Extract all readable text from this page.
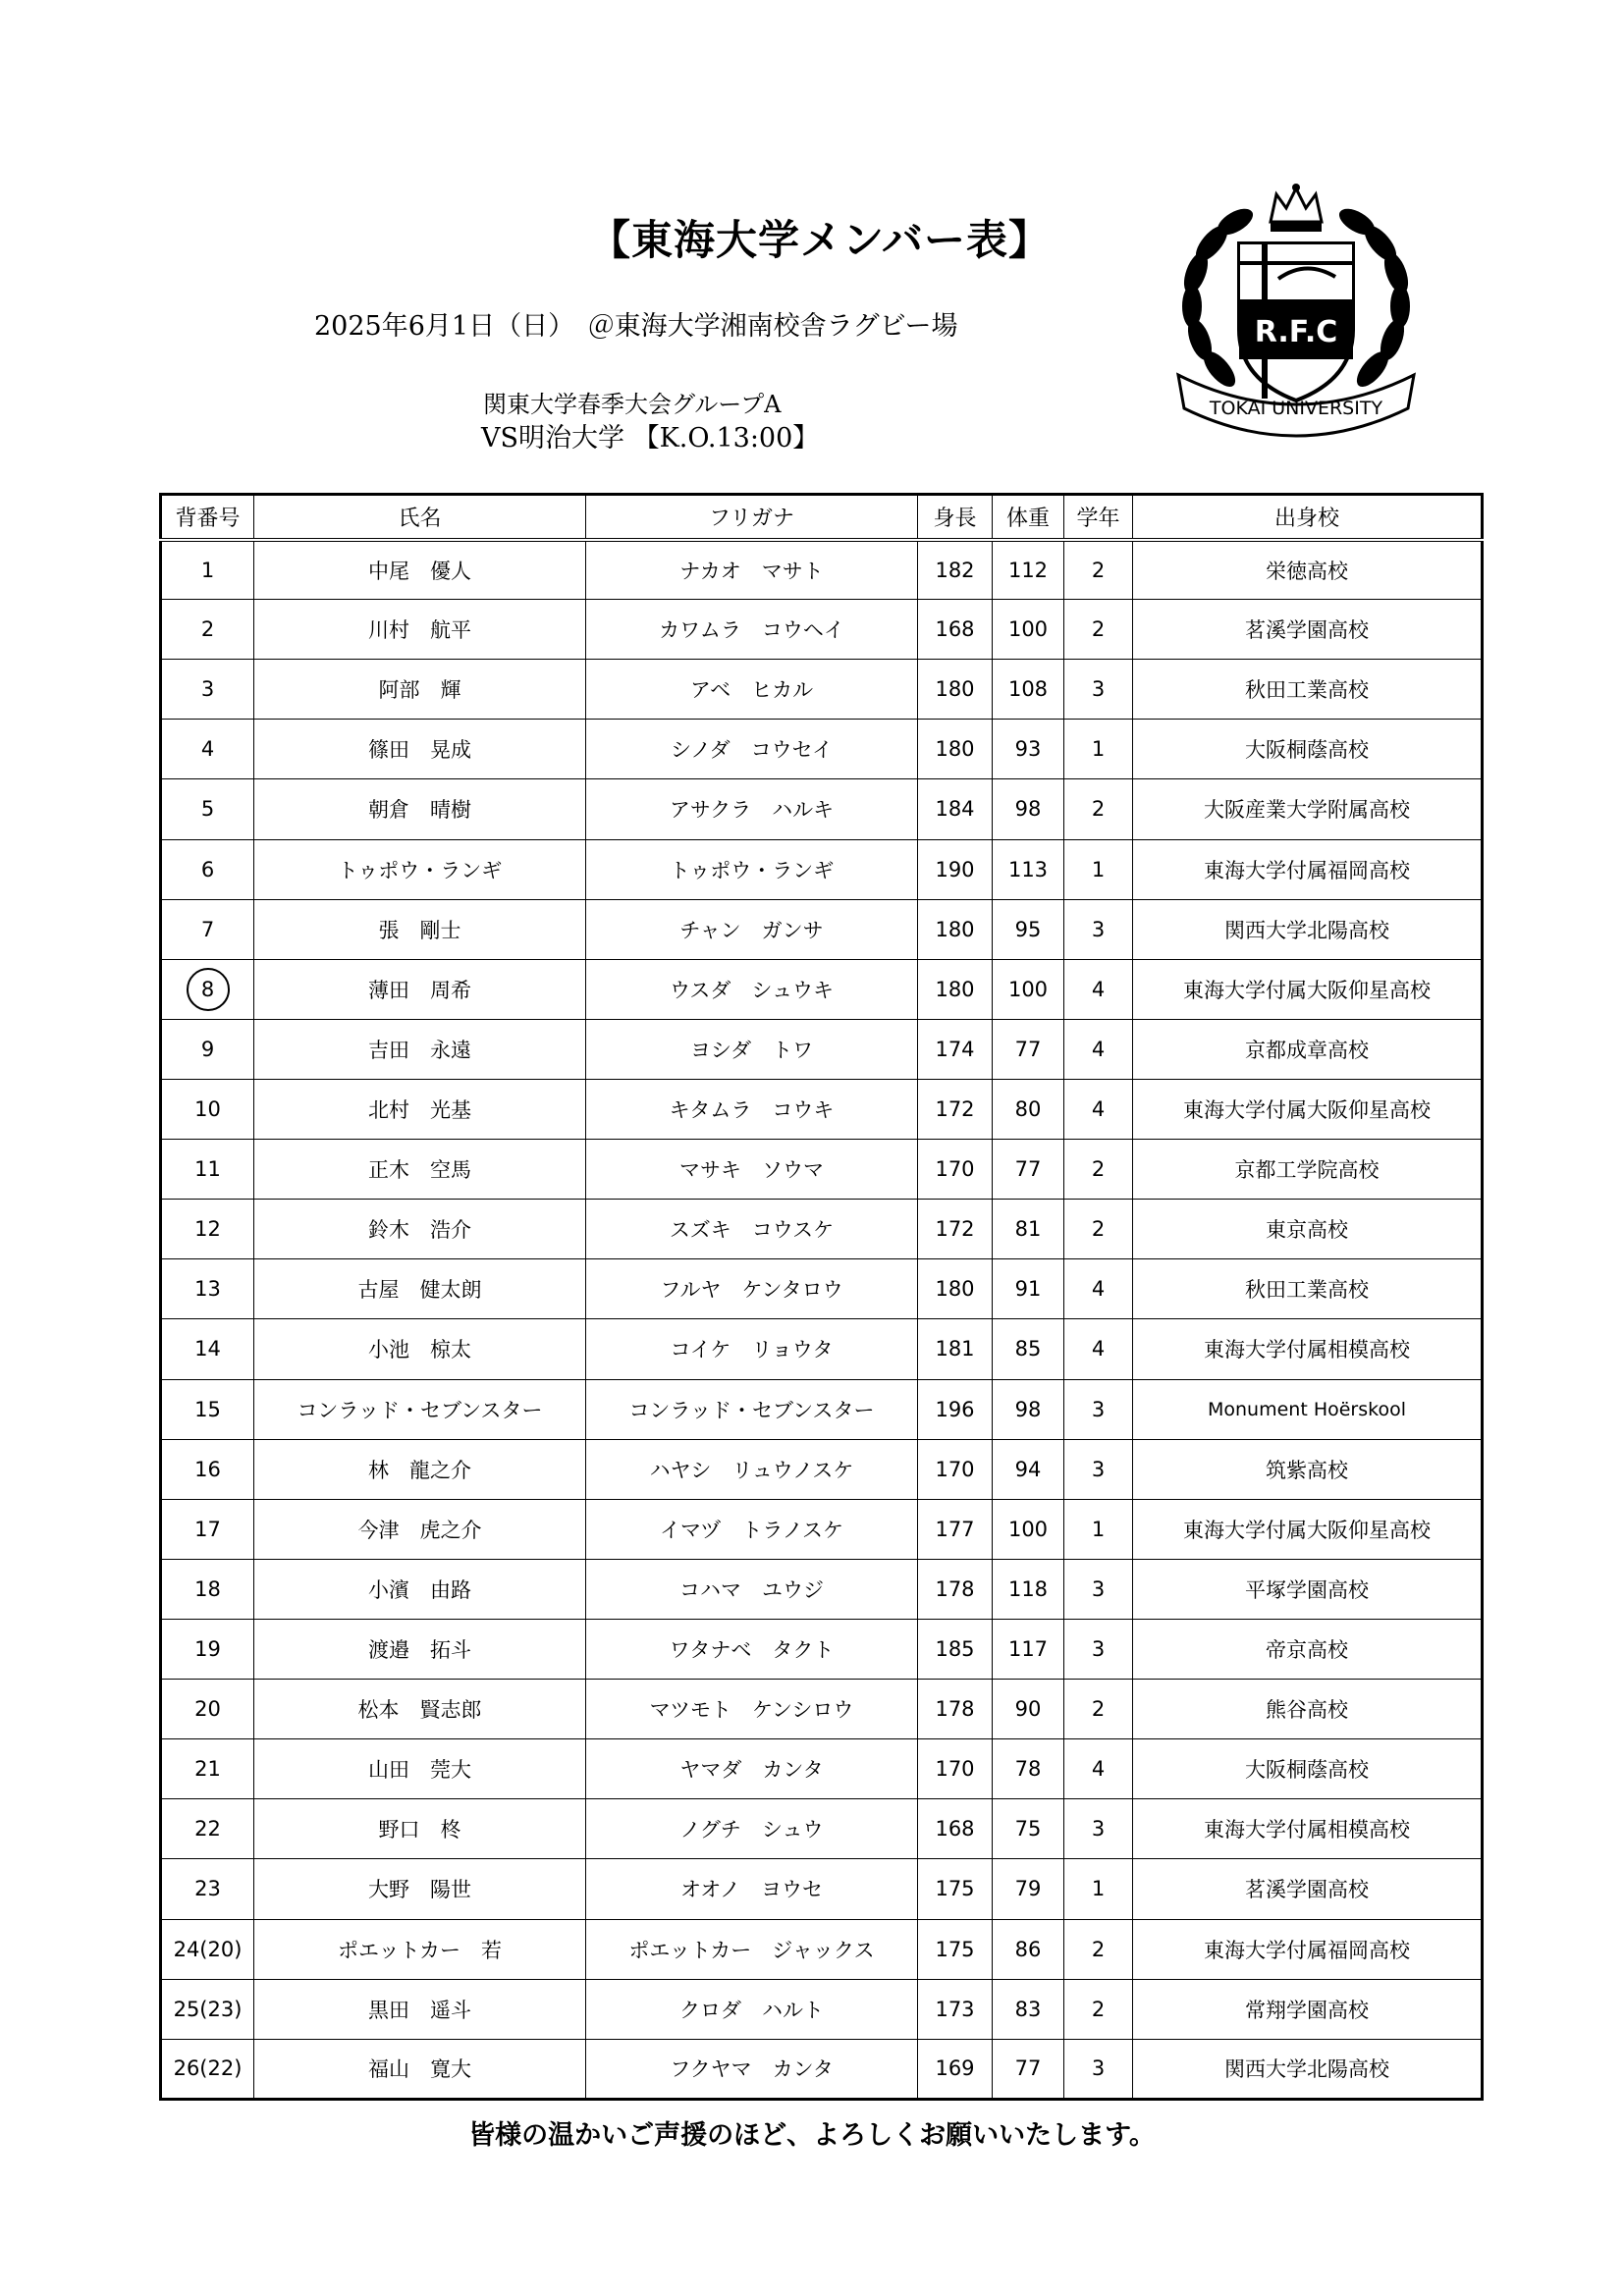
【東海大学メンバー表】
2025年6月1日（日）　＠東海大学湘南校舎ラグビー場
関東大学春季大会グループA
VS明治大学 【K.O.13:00】
R.F.C
TOKAI UNIVERSITY
背番号	氏名	フリガナ	身長	体重	学年	出身校
1	中尾　優人	ナカオ　マサト	182	112	2	栄徳高校
2	川村　航平	カワムラ　コウヘイ	168	100	2	茗溪学園高校
3	阿部　輝	アベ　ヒカル	180	108	3	秋田工業高校
4	篠田　晃成	シノダ　コウセイ	180	93	1	大阪桐蔭高校
5	朝倉　晴樹	アサクラ　ハルキ	184	98	2	大阪産業大学附属高校
6	トゥポウ・ランギ	トゥポウ・ランギ	190	113	1	東海大学付属福岡高校
7	張　剛士	チャン　ガンサ	180	95	3	関西大学北陽高校
8	薄田　周希	ウスダ　シュウキ	180	100	4	東海大学付属大阪仰星高校
9	吉田　永遠	ヨシダ　トワ	174	77	4	京都成章高校
10	北村　光基	キタムラ　コウキ	172	80	4	東海大学付属大阪仰星高校
11	正木　空馬	マサキ　ソウマ	170	77	2	京都工学院高校
12	鈴木　浩介	スズキ　コウスケ	172	81	2	東京高校
13	古屋　健太朗	フルヤ　ケンタロウ	180	91	4	秋田工業高校
14	小池　椋太	コイケ　リョウタ	181	85	4	東海大学付属相模高校
15	コンラッド・セブンスター	コンラッド・セブンスター	196	98	3	Monument Hoërskool
16	林　龍之介	ハヤシ　リュウノスケ	170	94	3	筑紫高校
17	今津　虎之介	イマヅ　トラノスケ	177	100	1	東海大学付属大阪仰星高校
18	小濱　由路	コハマ　ユウジ	178	118	3	平塚学園高校
19	渡邉　拓斗	ワタナベ　タクト	185	117	3	帝京高校
20	松本　賢志郎	マツモト　ケンシロウ	178	90	2	熊谷高校
21	山田　莞大	ヤマダ　カンタ	170	78	4	大阪桐蔭高校
22	野口　柊	ノグチ　シュウ	168	75	3	東海大学付属相模高校
23	大野　陽世	オオノ　ヨウセ	175	79	1	茗溪学園高校
24(20)	ポエットカー　若	ポエットカー　ジャックス	175	86	2	東海大学付属福岡高校
25(23)	黒田　遥斗	クロダ　ハルト	173	83	2	常翔学園高校
26(22)	福山　寛大	フクヤマ　カンタ	169	77	3	関西大学北陽高校
皆様の温かいご声援のほど、よろしくお願いいたします。
